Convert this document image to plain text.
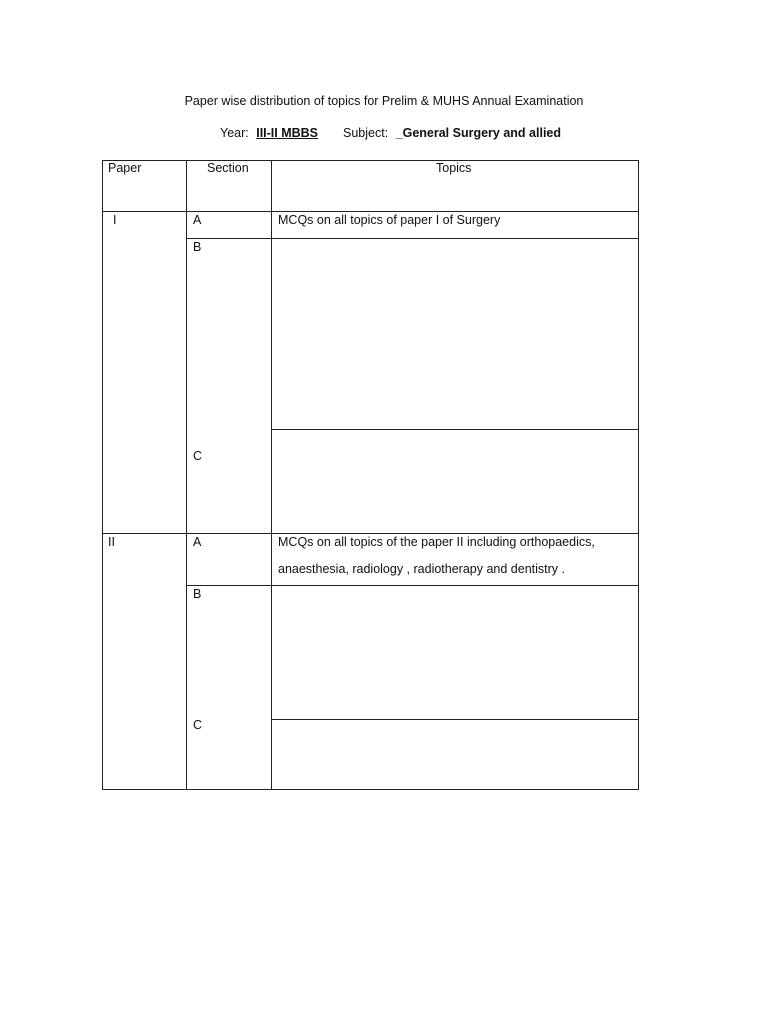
Paper wise distribution of topics for Prelim & MUHS Annual Examination
Year: III-II MBBS Subject: _General Surgery and allied
Paper	Section	Topics
I	A	MCQs on all topics of paper I of Surgery
B
C
II	A	MCQs on all topics of the paper II including orthopaedics,
anaesthesia, radiology , radiotherapy and dentistry .
B
C
